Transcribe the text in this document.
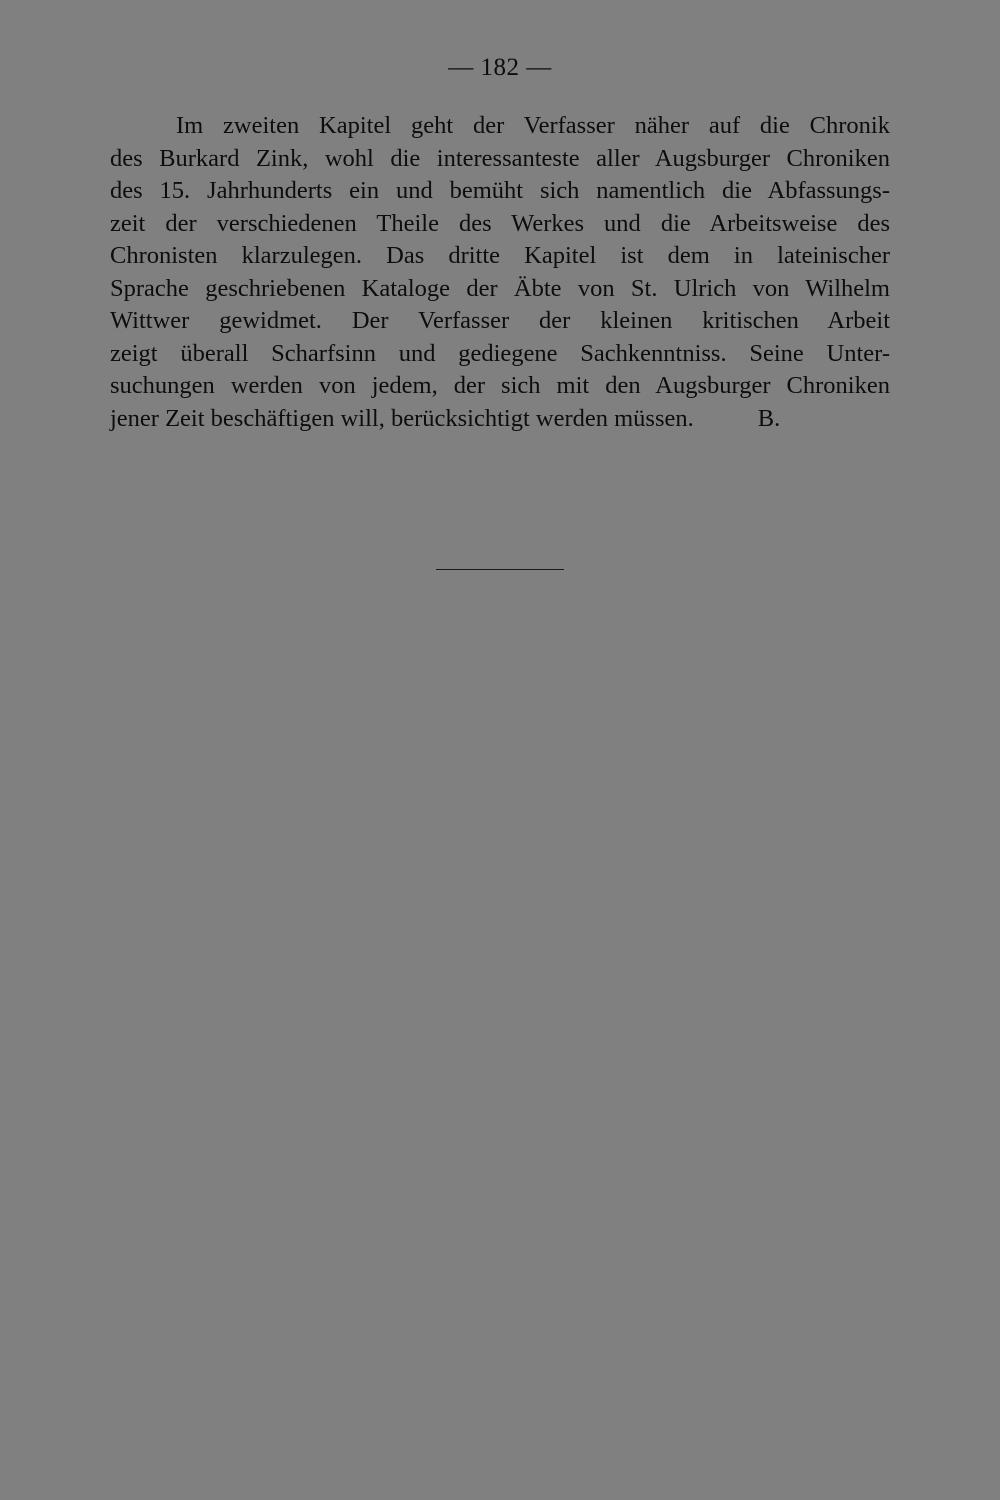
— 182 —
Im zweiten Kapitel geht der Verfasser näher auf die Chronik
des Burkard Zink, wohl die interessanteste aller Augsburger Chroniken
des 15. Jahrhunderts ein und bemüht sich namentlich die Abfassungs-
zeit der verschiedenen Theile des Werkes und die Arbeitsweise des
Chronisten klarzulegen. Das dritte Kapitel ist dem in lateinischer
Sprache geschriebenen Kataloge der Äbte von St. Ulrich von Wilhelm
Wittwer gewidmet. Der Verfasser der kleinen kritischen Arbeit
zeigt überall Scharfsinn und gediegene Sachkenntniss. Seine Unter-
suchungen werden von jedem, der sich mit den Augsburger Chroniken
jener Zeit beschäftigen will, berücksichtigt werden müssen.	B.
